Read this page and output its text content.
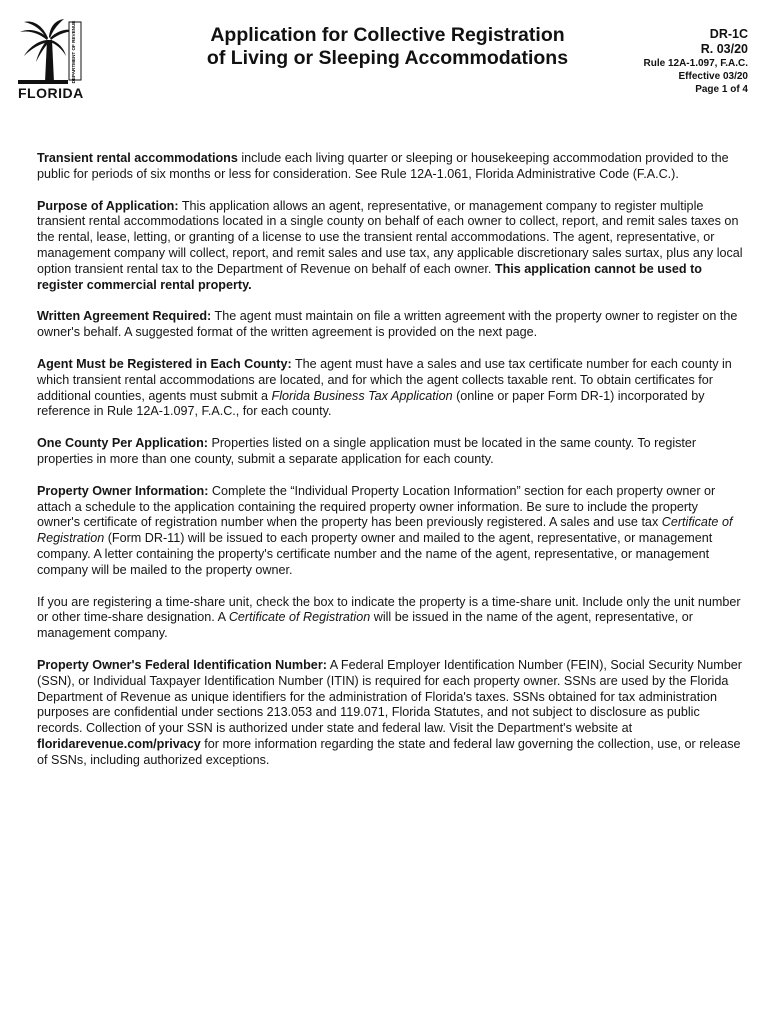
DEPARTMENT OF REVENUE
FLORIDA
Application for Collective Registration
of Living or Sleeping Accommodations
DR-1C
R. 03/20
Rule 12A-1.097, F.A.C.
Effective 03/20
Page 1 of 4

Transient rental accommodations include each living quarter or sleeping or housekeeping accommodation provided to the public for periods of six months or less for consideration. See Rule 12A-1.061, Florida Administrative Code (F.A.C.).

Purpose of Application: This application allows an agent, representative, or management company to register multiple transient rental accommodations located in a single county on behalf of each owner to collect, report, and remit sales taxes on the rental, lease, letting, or granting of a license to use the transient rental accommodations. The agent, representative, or management company will collect, report, and remit sales and use tax, any applicable discretionary sales surtax, plus any local option transient rental tax to the Department of Revenue on behalf of each owner. This application cannot be used to register commercial rental property.

Written Agreement Required: The agent must maintain on file a written agreement with the property owner to register on the owner's behalf. A suggested format of the written agreement is provided on the next page.

Agent Must be Registered in Each County: The agent must have a sales and use tax certificate number for each county in which transient rental accommodations are located, and for which the agent collects taxable rent. To obtain certificates for additional counties, agents must submit a Florida Business Tax Application (online or paper Form DR-1) incorporated by reference in Rule 12A-1.097, F.A.C., for each county.

One County Per Application: Properties listed on a single application must be located in the same county. To register properties in more than one county, submit a separate application for each county.

Property Owner Information: Complete the “Individual Property Location Information” section for each property owner or attach a schedule to the application containing the required property owner information. Be sure to include the property owner's certificate of registration number when the property has been previously registered. A sales and use tax Certificate of Registration (Form DR-11) will be issued to each property owner and mailed to the agent, representative, or management company. A letter containing the property's certificate number and the name of the agent, representative, or management company will be mailed to the property owner.

If you are registering a time-share unit, check the box to indicate the property is a time-share unit. Include only the unit number or other time-share designation. A Certificate of Registration will be issued in the name of the agent, representative, or management company.

Property Owner's Federal Identification Number: A Federal Employer Identification Number (FEIN), Social Security Number (SSN), or Individual Taxpayer Identification Number (ITIN) is required for each property owner. SSNs are used by the Florida Department of Revenue as unique identifiers for the administration of Florida's taxes. SSNs obtained for tax administration purposes are confidential under sections 213.053 and 119.071, Florida Statutes, and not subject to disclosure as public records. Collection of your SSN is authorized under state and federal law. Visit the Department's website at floridarevenue.com/privacy for more information regarding the state and federal law governing the collection, use, or release of SSNs, including authorized exceptions.
